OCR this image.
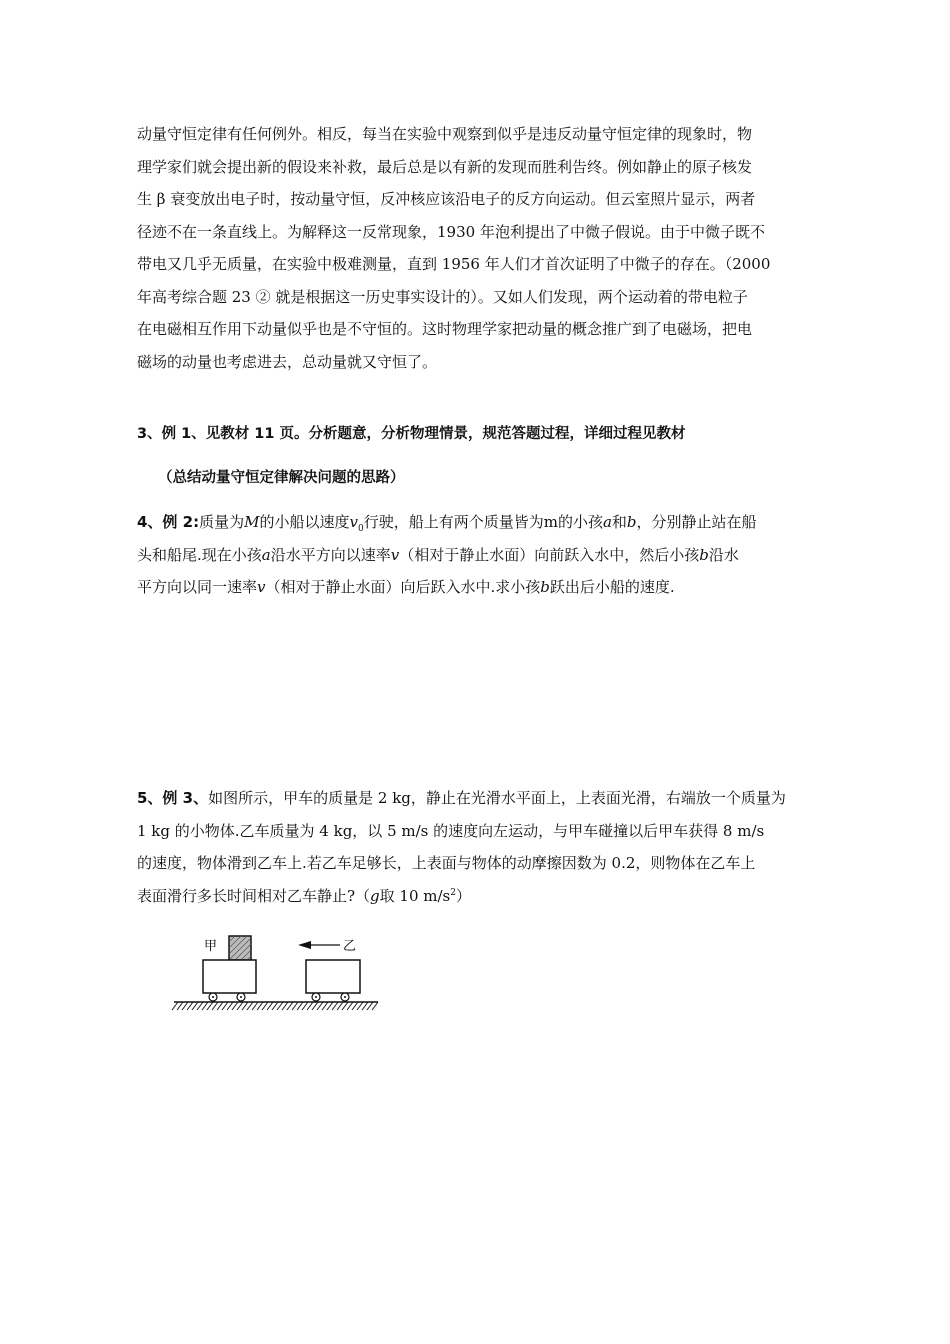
动量守恒定律有任何例外。相反，每当在实验中观察到似乎是违反动量守恒定律的现象时，物

理学家们就会提出新的假设来补救，最后总是以有新的发现而胜利告终。例如静止的原子核发

生 β 衰变放出电子时，按动量守恒，反冲核应该沿电子的反方向运动。但云室照片显示，两者

径迹不在一条直线上。为解释这一反常现象，1930 年泡利提出了中微子假说。由于中微子既不

带电又几乎无质量，在实验中极难测量，直到 1956 年人们才首次证明了中微子的存在。（2000

年高考综合题 23 ② 就是根据这一历史事实设计的）。又如人们发现，两个运动着的带电粒子

在电磁相互作用下动量似乎也是不守恒的。这时物理学家把动量的概念推广到了电磁场，把电

磁场的动量也考虑进去，总动量就又守恒了。

3、例 1、见教材 11 页。分析题意，分析物理情景，规范答题过程，详细过程见教材
（总结动量守恒定律解决问题的思路）
4、例 2:质量为M的小船以速度$v_0$行驶，船上有两个质量皆为m的小孩a和b，分别静止站在船
头和船尾.现在小孩a沿水平方向以速率v（相对于静止水面）向前跃入水中，然后小孩b沿水
平方向以同一速率v（相对于静止水面）向后跃入水中.求小孩b跃出后小船的速度.
5、例 3、如图所示，甲车的质量是 2 kg，静止在光滑水平面上，上表面光滑，右端放一个质量为
1 kg 的小物体.乙车质量为 4 kg，以 5 m/s 的速度向左运动，与甲车碰撞以后甲车获得 8 m/s
的速度，物体滑到乙车上.若乙车足够长，上表面与物体的动摩擦因数为 0.2，则物体在乙车上
表面滑行多长时间相对乙车静止?（g取 10 $m/s^2$）
甲	乙
